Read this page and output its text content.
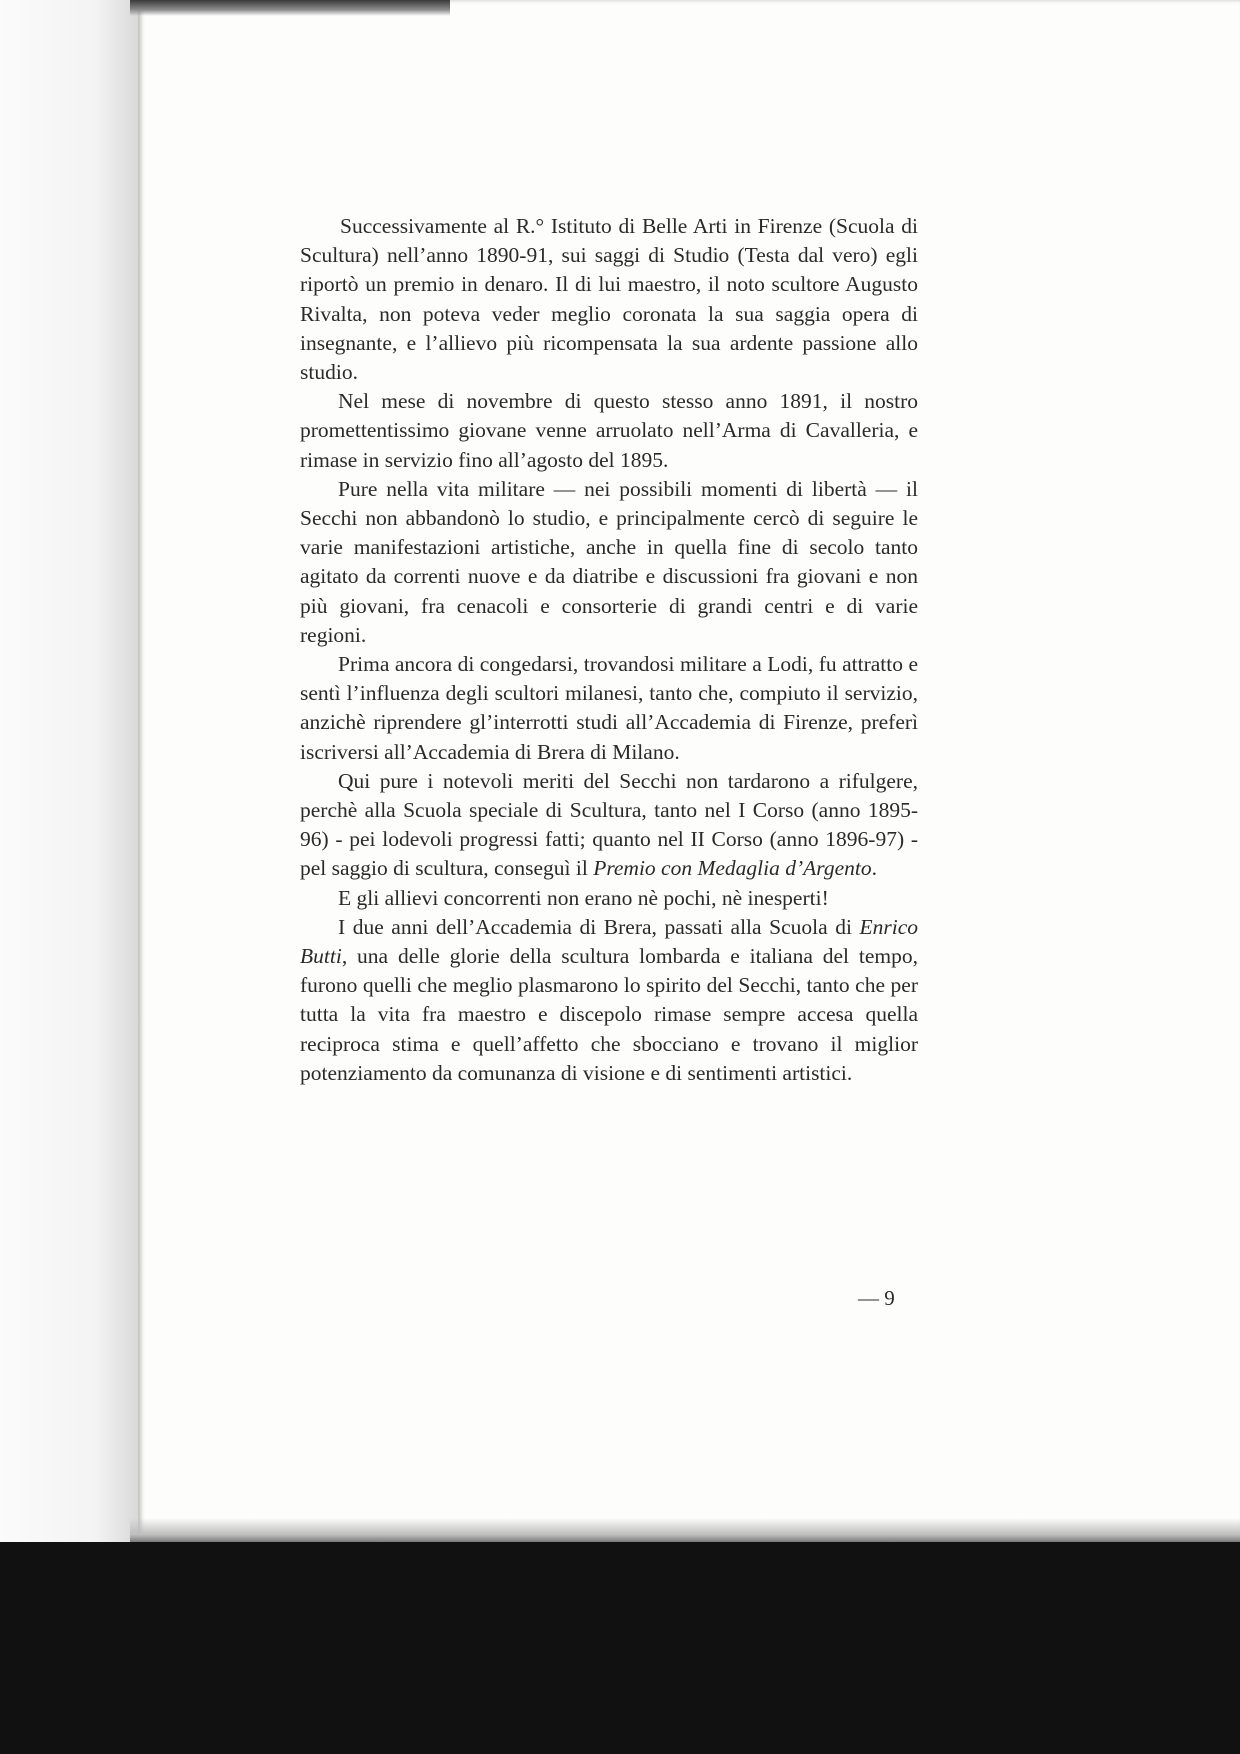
Successivamente al R.° Istituto di Belle Arti in Firenze (Scuola di Scultura) nell’anno 1890-91, sui saggi di Studio (Testa dal vero) egli riportò un premio in denaro. Il di lui maestro, il noto scultore Augusto Rivalta, non poteva veder meglio coronata la sua saggia opera di insegnante, e l’allievo più ricompensata la sua ardente passione allo studio.

Nel mese di novembre di questo stesso anno 1891, il nostro promettentissimo giovane venne arruolato nell’Arma di Cavalleria, e rimase in servizio fino all’agosto del 1895.

Pure nella vita militare — nei possibili momenti di libertà — il Secchi non abbandonò lo studio, e principalmente cercò di seguire le varie manifestazioni artistiche, anche in quella fine di secolo tanto agitato da correnti nuove e da diatribe e discussioni fra giovani e non più giovani, fra cenacoli e consorterie di grandi centri e di varie regioni.

Prima ancora di congedarsi, trovandosi militare a Lodi, fu attratto e sentì l’influenza degli scultori milanesi, tanto che, compiuto il servizio, anzichè riprendere gl’interrotti studi all’Accademia di Firenze, preferì iscriversi all’Accademia di Brera di Milano.

Qui pure i notevoli meriti del Secchi non tardarono a rifulgere, perchè alla Scuola speciale di Scultura, tanto nel I Corso (anno 1895-96) - pei lodevoli progressi fatti; quanto nel II Corso (anno 1896-97) - pel saggio di scultura, conseguì il Premio con Medaglia d’Argento.

E gli allievi concorrenti non erano nè pochi, nè inesperti!

I due anni dell’Accademia di Brera, passati alla Scuola di Enrico Butti, una delle glorie della scultura lombarda e italiana del tempo, furono quelli che meglio plasmarono lo spirito del Secchi, tanto che per tutta la vita fra maestro e discepolo rimase sempre accesa quella reciproca stima e quell’affetto che sbocciano e trovano il miglior potenziamento da comunanza di visione e di sentimenti artistici.

— 9
